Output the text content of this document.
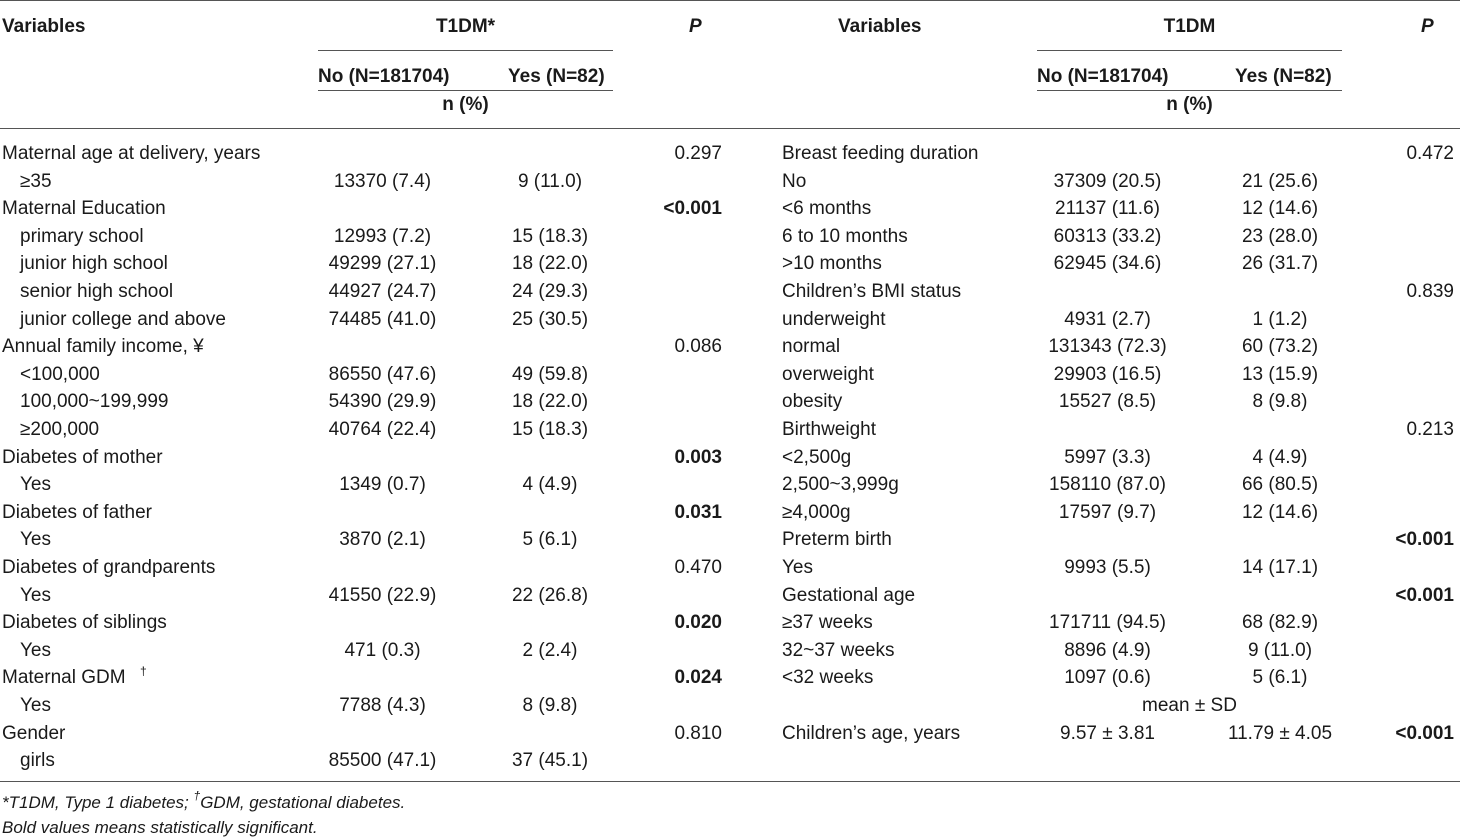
Variables	T1DM*	P
No (N=181704)	Yes (N=82)
n (%)
Variables	T1DM	P
No (N=181704)	Yes (N=82)
n (%)
Maternal age at delivery, years	0.297
≥35	13370 (7.4)	9 (11.0)
Maternal Education	<0.001
primary school	12993 (7.2)	15 (18.3)
junior high school	49299 (27.1)	18 (22.0)
senior high school	44927 (24.7)	24 (29.3)
junior college and above	74485 (41.0)	25 (30.5)
Annual family income, ¥	0.086
<100,000	86550 (47.6)	49 (59.8)
100,000~199,999	54390 (29.9)	18 (22.0)
≥200,000	40764 (22.4)	15 (18.3)
Diabetes of mother	0.003
Yes	1349 (0.7)	4 (4.9)
Diabetes of father	0.031
Yes	3870 (2.1)	5 (6.1)
Diabetes of grandparents	0.470
Yes	41550 (22.9)	22 (26.8)
Diabetes of siblings	0.020
Yes	471 (0.3)	2 (2.4)
Maternal GDM †	0.024
Yes	7788 (4.3)	8 (9.8)
Gender	0.810
girls	85500 (47.1)	37 (45.1)
Breast feeding duration	0.472
No	37309 (20.5)	21 (25.6)
<6 months	21137 (11.6)	12 (14.6)
6 to 10 months	60313 (33.2)	23 (28.0)
>10 months	62945 (34.6)	26 (31.7)
Children’s BMI status	0.839
underweight	4931 (2.7)	1 (1.2)
normal	131343 (72.3)	60 (73.2)
overweight	29903 (16.5)	13 (15.9)
obesity	15527 (8.5)	8 (9.8)
Birthweight	0.213
<2,500g	5997 (3.3)	4 (4.9)
2,500~3,999g	158110 (87.0)	66 (80.5)
≥4,000g	17597 (9.7)	12 (14.6)
Preterm birth	<0.001
Yes	9993 (5.5)	14 (17.1)
Gestational age	<0.001
≥37 weeks	171711 (94.5)	68 (82.9)
32~37 weeks	8896 (4.9)	9 (11.0)
<32 weeks	1097 (0.6)	5 (6.1)
mean ± SD
Children’s age, years	9.57 ± 3.81	11.79 ± 4.05	<0.001
*T1DM, Type 1 diabetes; †GDM, gestational diabetes.
Bold values means statistically significant.
